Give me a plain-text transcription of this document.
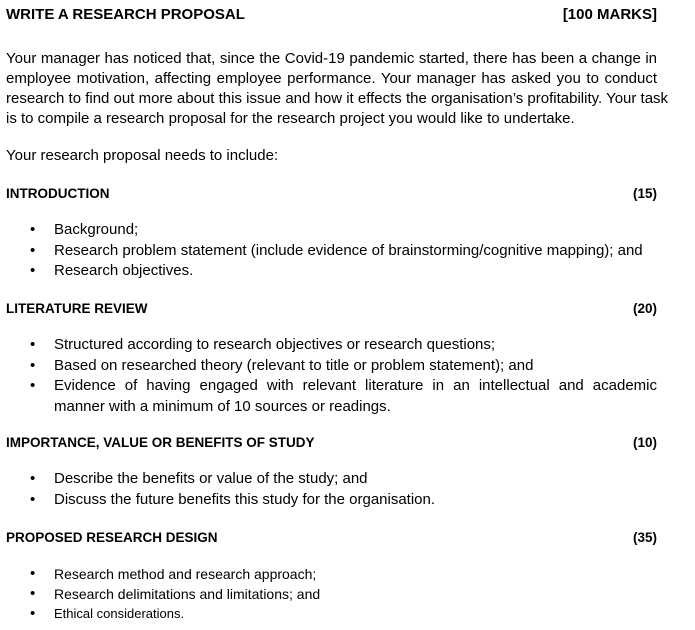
WRITE A RESEARCH PROPOSAL	[100 MARKS]
Your manager has noticed that, since the Covid-19 pandemic started, there has been a change in
employee motivation, affecting employee performance. Your manager has asked you to conduct
research to find out more about this issue and how it effects the organisation’s profitability. Your task
is to compile a research proposal for the research project you would like to undertake.
Your research proposal needs to include:
INTRODUCTION	(15)
• Background;
• Research problem statement (include evidence of brainstorming/cognitive mapping); and
• Research objectives.
LITERATURE REVIEW	(20)
• Structured according to research objectives or research questions;
• Based on researched theory (relevant to title or problem statement); and
• Evidence of having engaged with relevant literature in an intellectual and academic manner with a minimum of 10 sources or readings.
IMPORTANCE, VALUE OR BENEFITS OF STUDY	(10)
• Describe the benefits or value of the study; and
• Discuss the future benefits this study for the organisation.
PROPOSED RESEARCH DESIGN	(35)
• Research method and research approach;
• Research delimitations and limitations; and
• Ethical considerations.
